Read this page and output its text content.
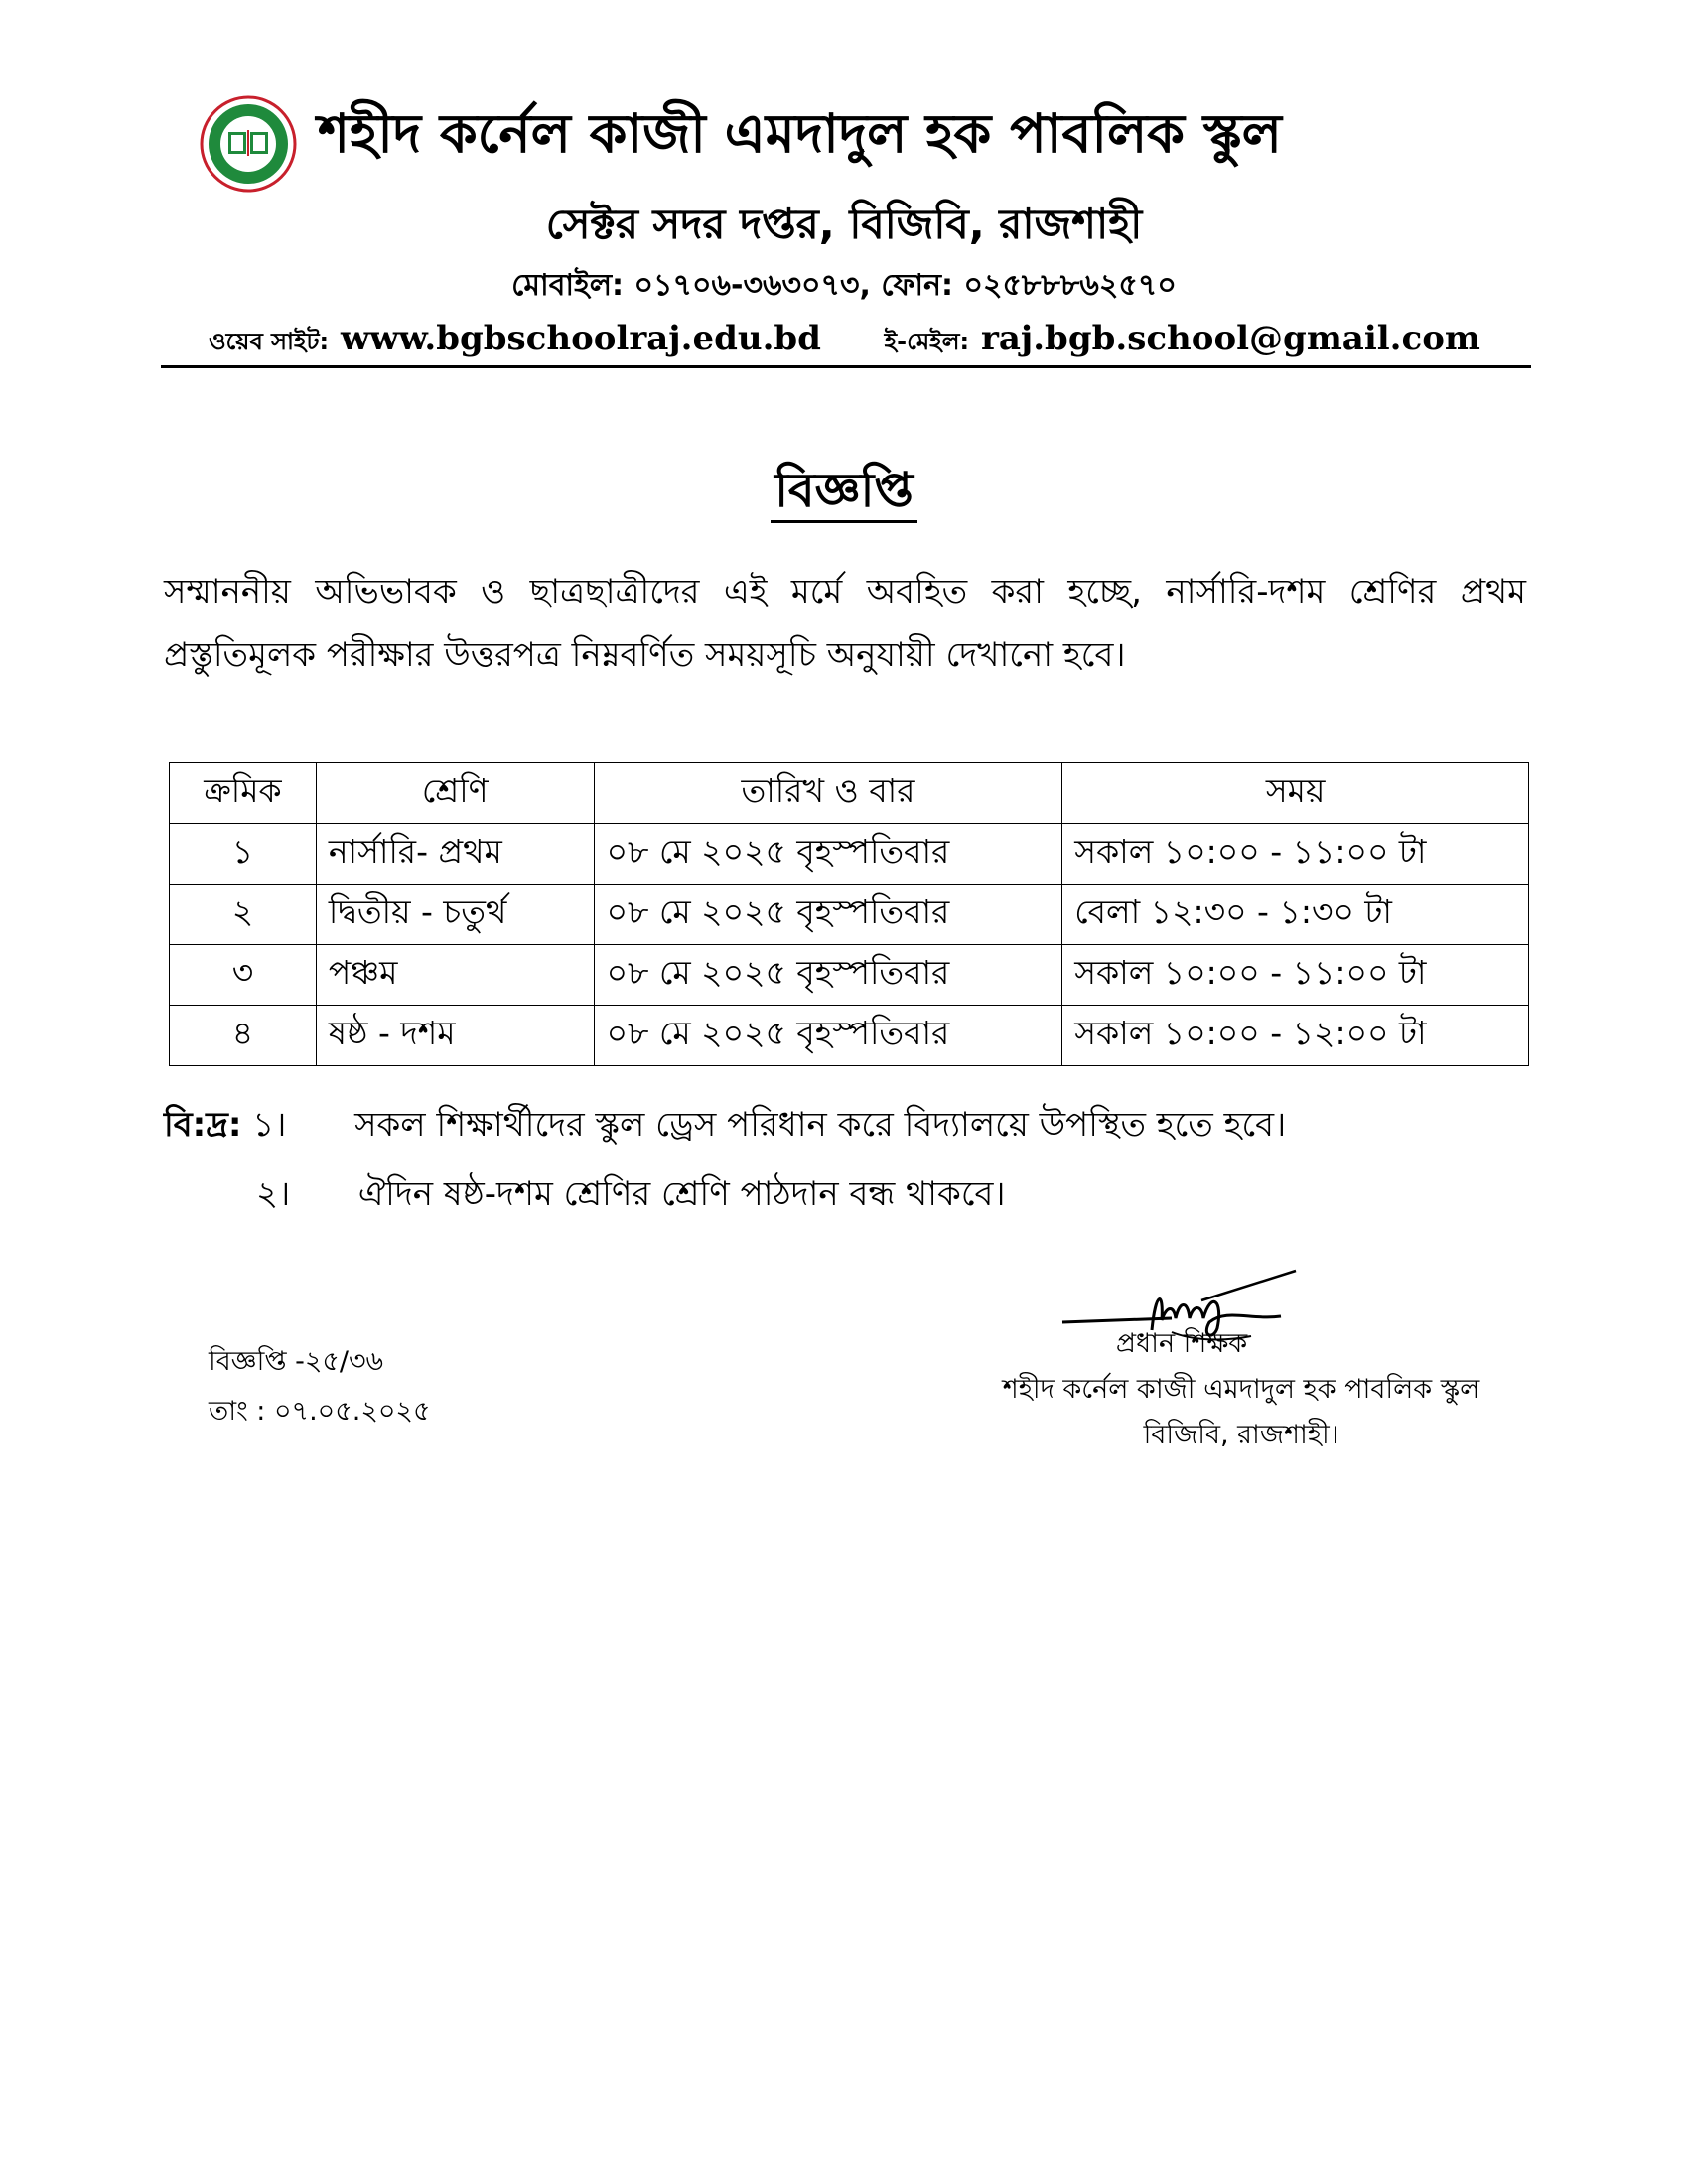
শহীদ কর্নেল কাজী এমদাদুল হক পাবলিক স্কুল
সেক্টর সদর দপ্তর, বিজিবি, রাজশাহী
মোবাইল: ০১৭০৬-৩৬৩০৭৩, ফোন: ০২৫৮৮৮৬২৫৭০
ওয়েব সাইট: www.bgbschoolraj.edu.bd	ই-মেইল: raj.bgb.school@gmail.com
বিজ্ঞপ্তি
সম্মাননীয় অভিভাবক ও ছাত্রছাত্রীদের এই মর্মে অবহিত করা হচ্ছে, নার্সারি-দশম শ্রেণির প্রথম প্রস্তুতিমূলক পরীক্ষার উত্তরপত্র নিম্নবর্ণিত সময়সূচি অনুযায়ী দেখানো হবে।
ক্রমিক	শ্রেণি	তারিখ ও বার	সময়
১	নার্সারি- প্রথম	০৮ মে ২০২৫ বৃহস্পতিবার	সকাল ১০:০০ - ১১:০০ টা
২	দ্বিতীয় - চতুর্থ	০৮ মে ২০২৫ বৃহস্পতিবার	বেলা ১২:৩০ - ১:৩০ টা
৩	পঞ্চম	০৮ মে ২০২৫ বৃহস্পতিবার	সকাল ১০:০০ - ১১:০০ টা
৪	ষষ্ঠ - দশম	০৮ মে ২০২৫ বৃহস্পতিবার	সকাল ১০:০০ - ১২:০০ টা
বি:দ্র: ১। সকল শিক্ষার্থীদের স্কুল ড্রেস পরিধান করে বিদ্যালয়ে উপস্থিত হতে হবে।
২। ঐদিন ষষ্ঠ-দশম শ্রেণির শ্রেণি পাঠদান বন্ধ থাকবে।
বিজ্ঞপ্তি -২৫/৩৬
তাং : ০৭.০৫.২০২৫
প্রধান শিক্ষক
শহীদ কর্নেল কাজী এমদাদুল হক পাবলিক স্কুল
বিজিবি, রাজশাহী।
